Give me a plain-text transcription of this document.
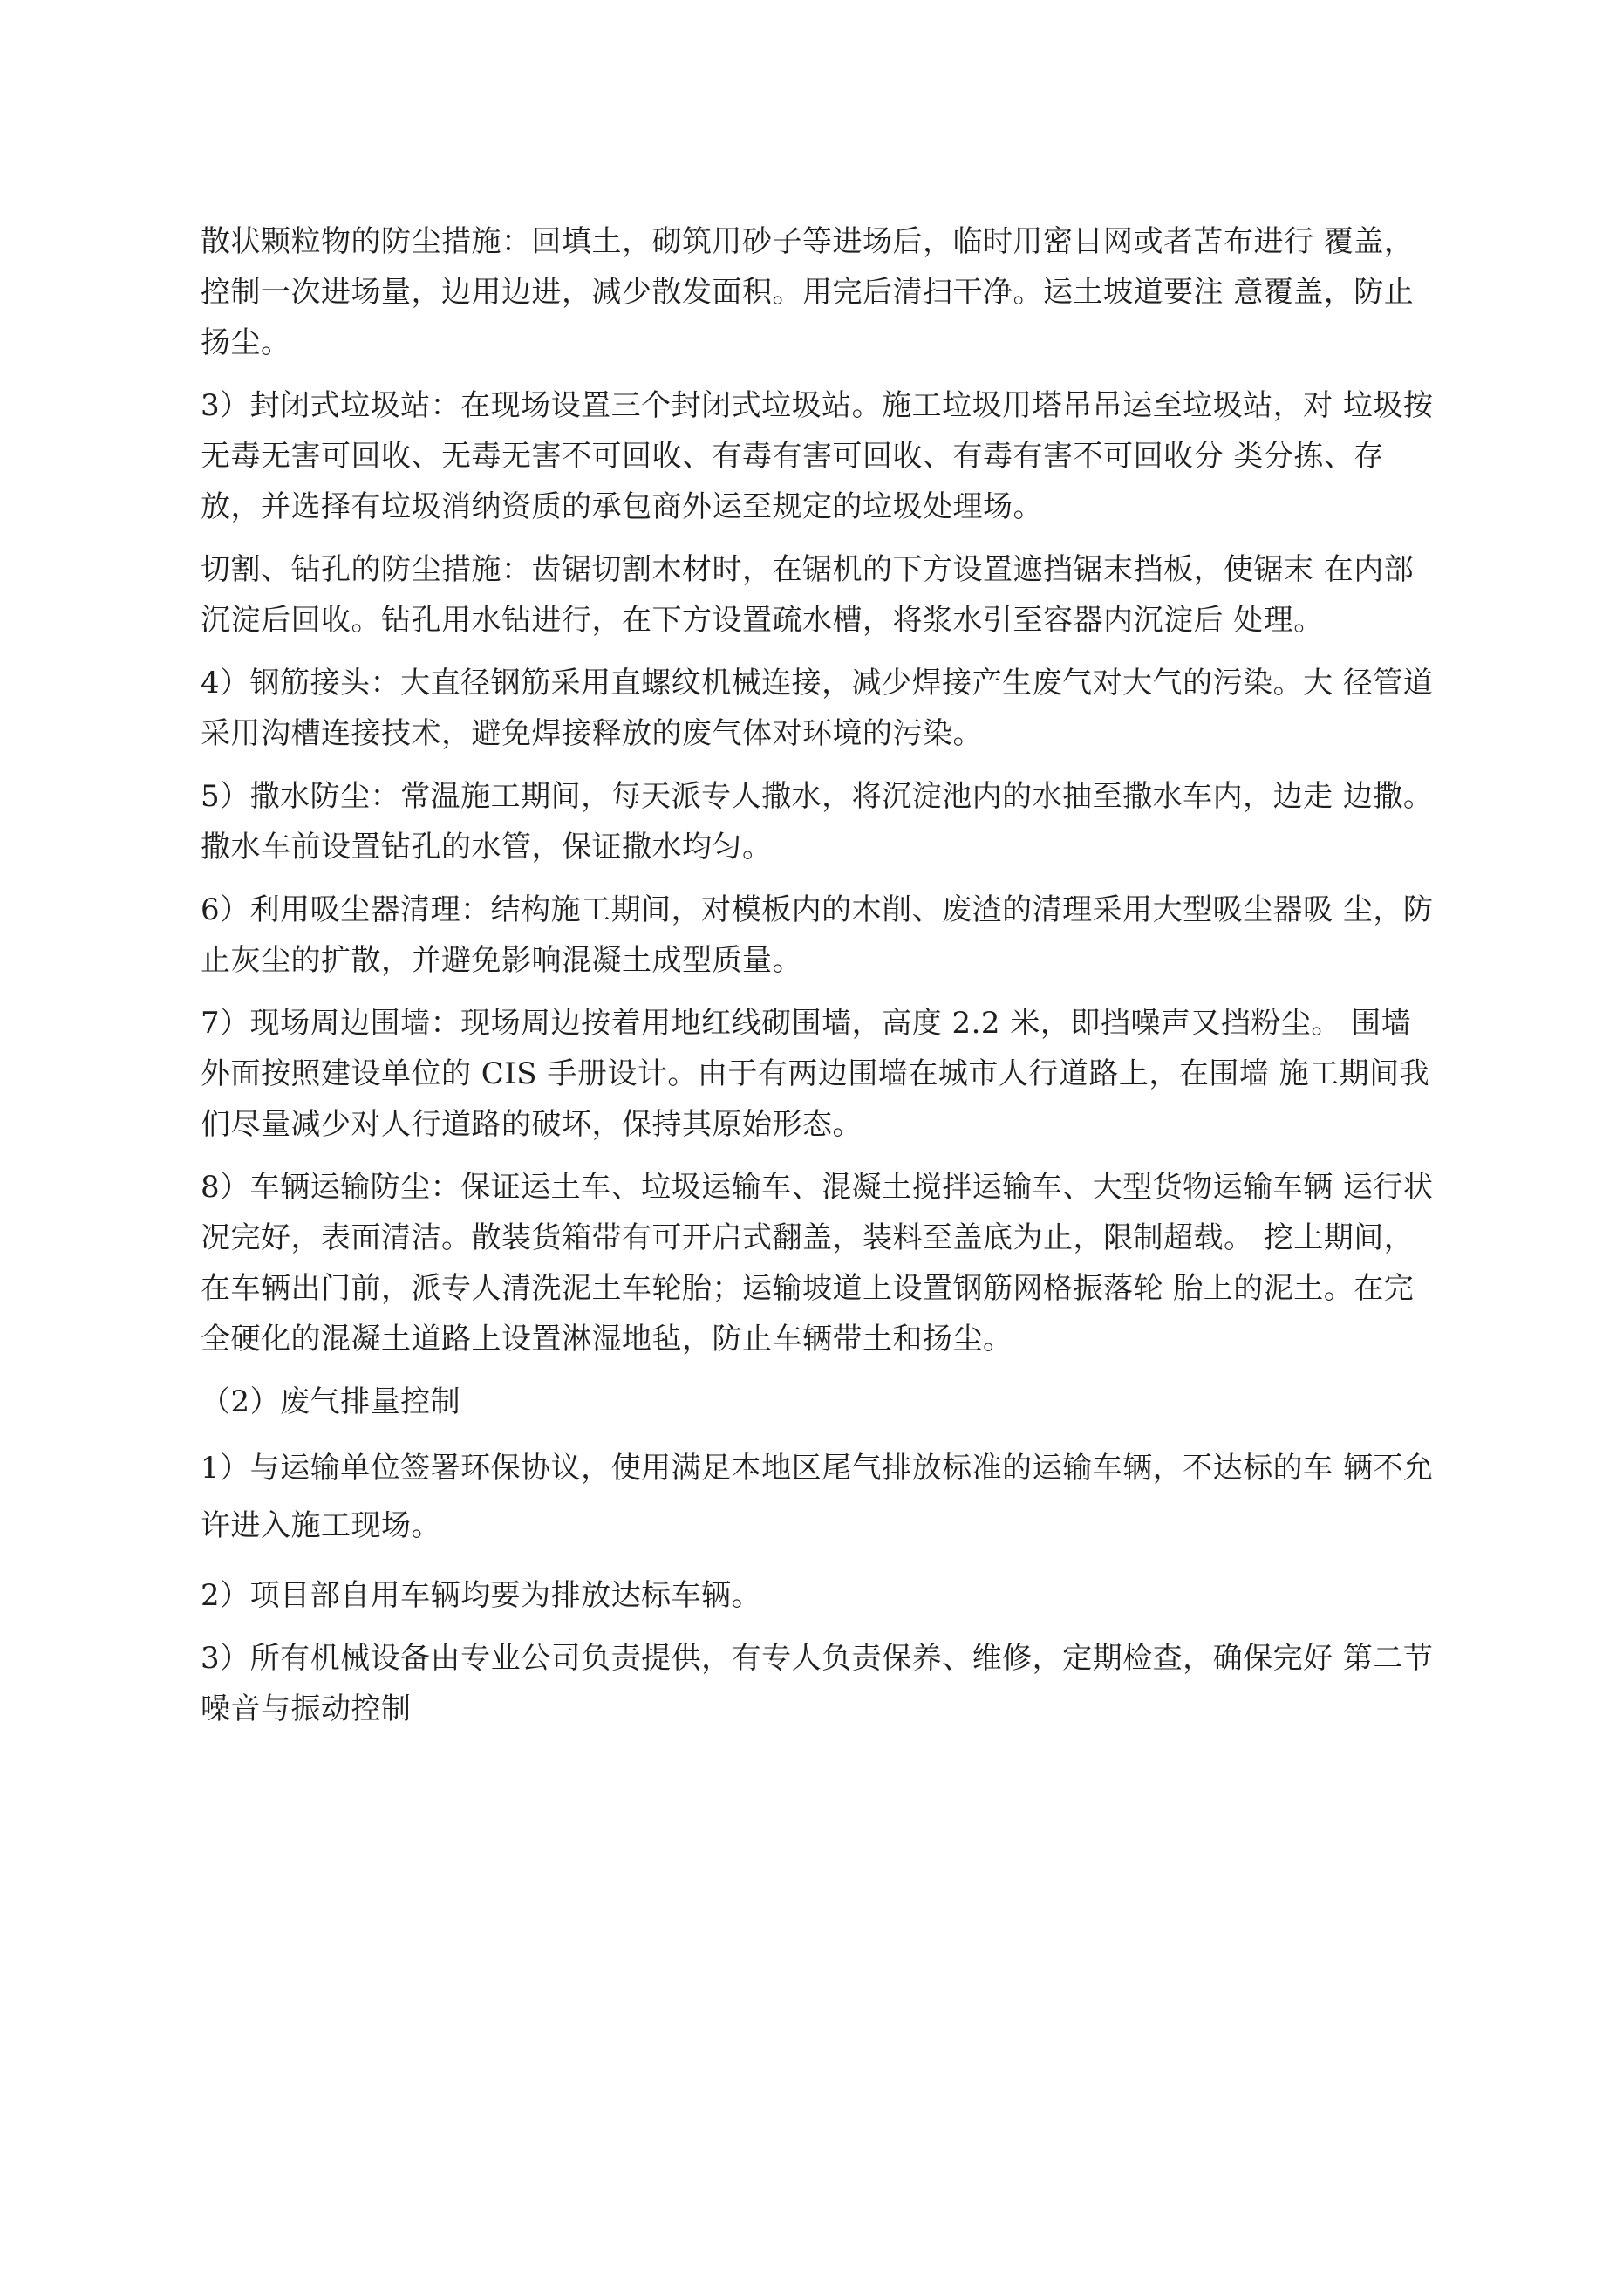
散状颗粒物的防尘措施：回填土，砌筑用砂子等进场后，临时用密目网或者苫布进行 覆盖，控制一次进场量，边用边进，减少散发面积。用完后清扫干净。运土坡道要注 意覆盖，防止扬尘。

3）封闭式垃圾站：在现场设置三个封闭式垃圾站。施工垃圾用塔吊吊运至垃圾站，对 垃圾按无毒无害可回收、无毒无害不可回收、有毒有害可回收、有毒有害不可回收分 类分拣、存放，并选择有垃圾消纳资质的承包商外运至规定的垃圾处理场。

切割、钻孔的防尘措施：齿锯切割木材时，在锯机的下方设置遮挡锯末挡板，使锯末 在内部沉淀后回收。钻孔用水钻进行，在下方设置疏水槽，将浆水引至容器内沉淀后 处理。

4）钢筋接头：大直径钢筋采用直螺纹机械连接，减少焊接产生废气对大气的污染。大 径管道采用沟槽连接技术，避免焊接释放的废气体对环境的污染。

5）撒水防尘：常温施工期间，每天派专人撒水，将沉淀池内的水抽至撒水车内，边走 边撒。撒水车前设置钻孔的水管，保证撒水均匀。

6）利用吸尘器清理：结构施工期间，对模板内的木削、废渣的清理采用大型吸尘器吸 尘，防止灰尘的扩散，并避免影响混凝土成型质量。

7）现场周边围墙：现场周边按着用地红线砌围墙，高度 2.2 米，即挡噪声又挡粉尘。 围墙外面按照建设单位的 CIS 手册设计。由于有两边围墙在城市人行道路上，在围墙 施工期间我们尽量减少对人行道路的破坏，保持其原始形态。

8）车辆运输防尘：保证运土车、垃圾运输车、混凝土搅拌运输车、大型货物运输车辆 运行状况完好，表面清洁。散装货箱带有可开启式翻盖，装料至盖底为止，限制超载。 挖土期间，在车辆出门前，派专人清洗泥土车轮胎；运输坡道上设置钢筋网格振落轮 胎上的泥土。在完全硬化的混凝土道路上设置淋湿地毡，防止车辆带土和扬尘。

（2）废气排量控制

1）与运输单位签署环保协议，使用满足本地区尾气排放标准的运输车辆，不达标的车 辆不允许进入施工现场。

2）项目部自用车辆均要为排放达标车辆。

3）所有机械设备由专业公司负责提供，有专人负责保养、维修，定期检查，确保完好 第二节噪音与振动控制
